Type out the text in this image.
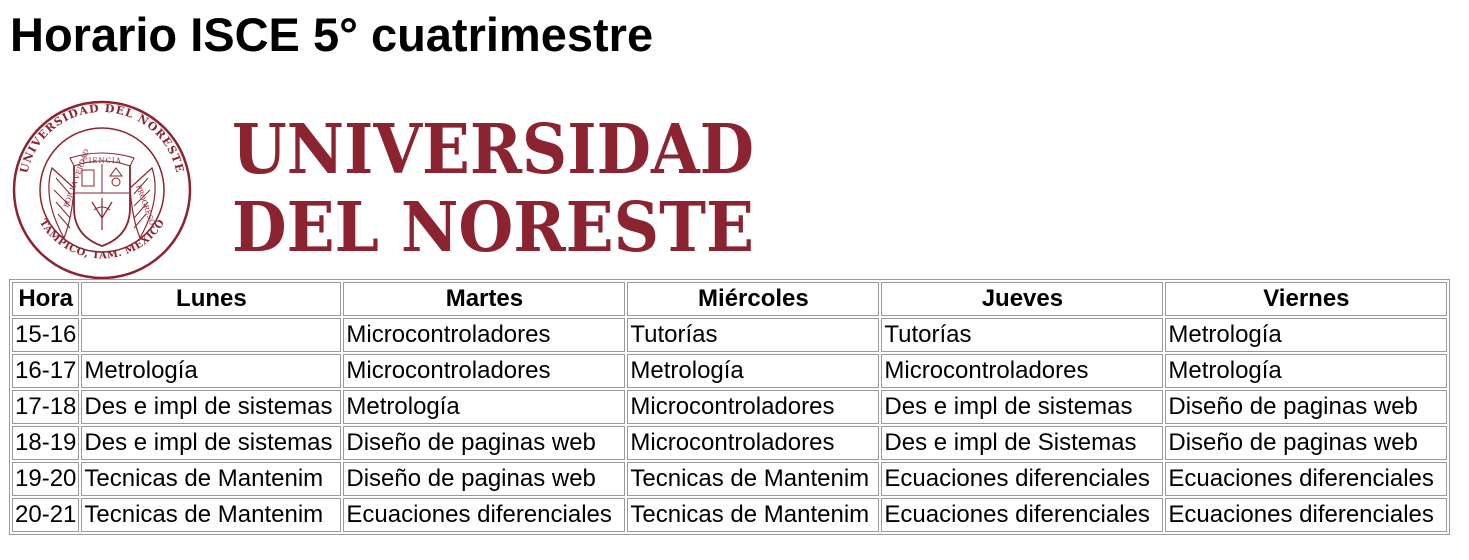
Horario ISCE 5° cuatrimestre
UNIVERSIDAD DEL NORESTE
TAMPICO, TAM. MEXICO
CIENCIA
POR LA VERDAD	PROGRESO
UNIVERSIDAD
DEL NORESTE
Hora	Lunes	Martes	Miércoles	Jueves	Viernes
15-16		Microcontroladores	Tutorías	Tutorías	Metrología
16-17	Metrología	Microcontroladores	Metrología	Microcontroladores	Metrología
17-18	Des e impl de sistemas	Metrología	Microcontroladores	Des e impl de sistemas	Diseño de paginas web
18-19	Des e impl de sistemas	Diseño de paginas web	Microcontroladores	Des e impl de Sistemas	Diseño de paginas web
19-20	Tecnicas de Mantenim	Diseño de paginas web	Tecnicas de Mantenim	Ecuaciones diferenciales	Ecuaciones diferenciales
20-21	Tecnicas de Mantenim	Ecuaciones diferenciales	Tecnicas de Mantenim	Ecuaciones diferenciales	Ecuaciones diferenciales
